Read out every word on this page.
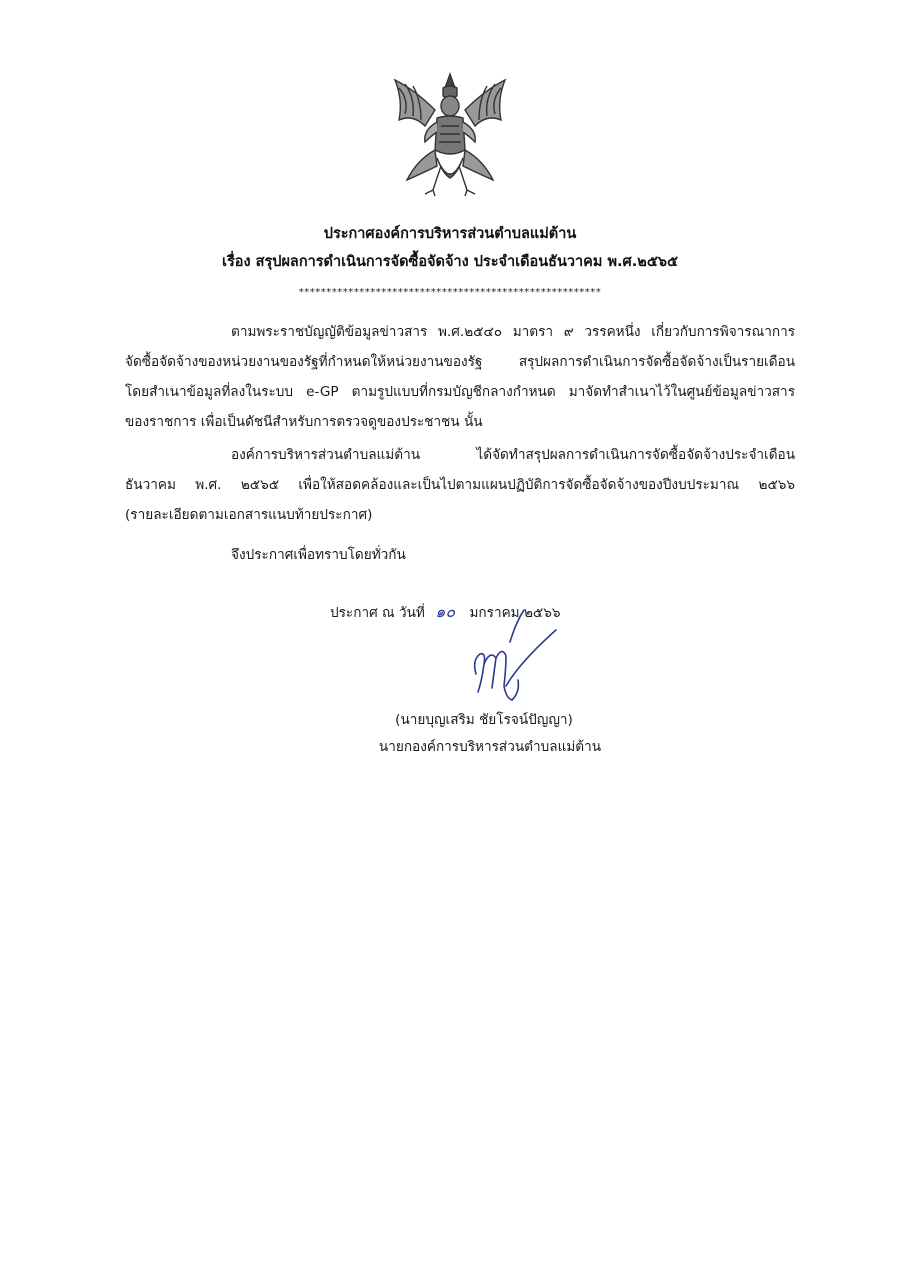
ประกาศองค์การบริหารส่วนตำบลแม่ต้าน
เรื่อง สรุปผลการดำเนินการจัดซื้อจัดจ้าง ประจำเดือนธันวาคม พ.ศ.๒๕๖๕
*******************************************************
ตามพระราชบัญญัติข้อมูลข่าวสาร พ.ศ.๒๕๔๐ มาตรา ๙ วรรคหนึ่ง เกี่ยวกับการพิจารณาการ
จัดซื้อจัดจ้างของหน่วยงานของรัฐที่กำหนดให้หน่วยงานของรัฐ สรุปผลการดำเนินการจัดซื้อจัดจ้างเป็นรายเดือน
โดยสำเนาข้อมูลที่ลงในระบบ e-GP ตามรูปแบบที่กรมบัญชีกลางกำหนด มาจัดทำสำเนาไว้ในศูนย์ข้อมูลข่าวสาร
ของราชการ เพื่อเป็นดัชนีสำหรับการตรวจดูของประชาชน นั้น
องค์การบริหารส่วนตำบลแม่ต้าน ได้จัดทำสรุปผลการดำเนินการจัดซื้อจัดจ้างประจำเดือน
ธันวาคม พ.ศ. ๒๕๖๕ เพื่อให้สอดคล้องและเป็นไปตามแผนปฏิบัติการจัดซื้อจัดจ้างของปีงบประมาณ ๒๕๖๖
(รายละเอียดตามเอกสารแนบท้ายประกาศ)
จึงประกาศเพื่อทราบโดยทั่วกัน
ประกาศ ณ วันที่ ๑๐ มกราคม ๒๕๖๖
(นายบุญเสริม ชัยโรจน์ปัญญา)
นายกองค์การบริหารส่วนตำบลแม่ต้าน
